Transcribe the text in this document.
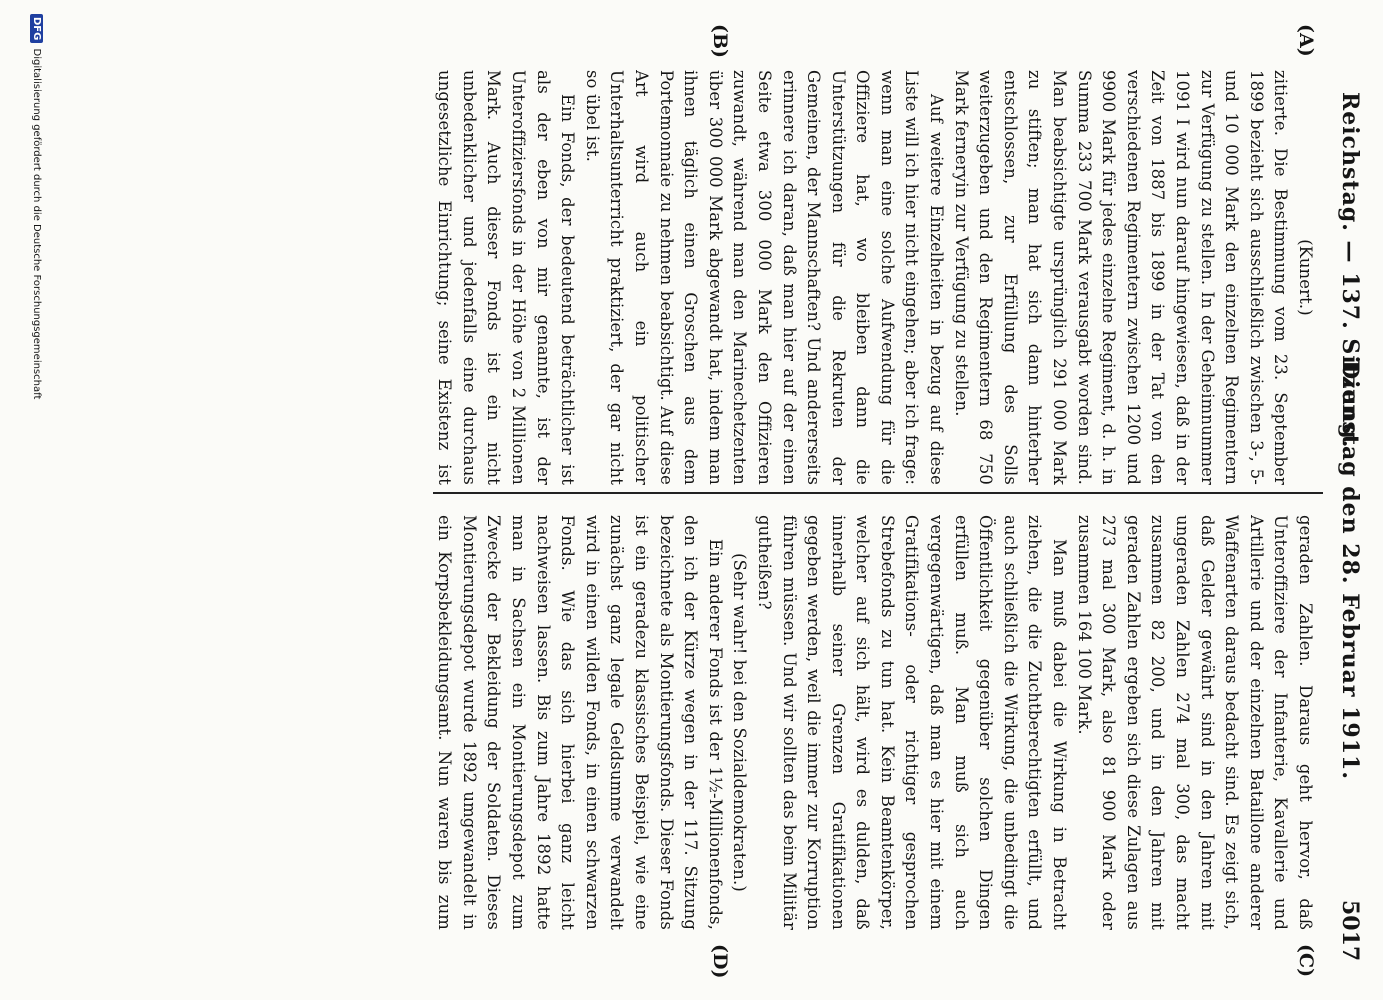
Reichstag. — 137. Sitzung.
Dienstag den 28. Februar 1911.
5017
(A)
(B)
(C)
(D)

(Kunert.)

zitierte. Die Bestimmung vom 23. September 1899 bezieht sich ausschließlich zwischen 3-, 5- und 10 000 Mark den einzelnen Regimentern zur Verfügung zu stellen. In der Geheimnummer 1091 I wird nun darauf hingewiesen, daß in der Zeit von 1887 bis 1899 in der Tat von den verschiedenen Regimentern zwischen 1200 und 9900 Mark für jedes einzelne Regiment, d. h. in Summa 233 700 Mark verausgabt worden sind. Man beabsichtigte ursprünglich 291 000 Mark zu stiften; man hat sich dann hinterher entschlossen, zur Erfüllung des Solls weiterzugeben und den Regimentern 68 750 Mark ferneryin zur Verfügung zu stellen.

Auf weitere Einzelheiten in bezug auf diese Liste will ich hier nicht eingehen; aber ich frage: wenn man eine solche Aufwendung für die Offiziere hat, wo bleiben dann die Unterstützungen für die Rekruten der Gemeinen, der Mannschaften? Und andererseits erinnere ich daran, daß man hier auf der einen Seite etwa 300 000 Mark den Offizieren zuwandt, während man den Marinechetzenten über 300 000 Mark abgewandt hat, indem man ihnen täglich einen Groschen aus dem Portemonnaie zu nehmen beabsichtigt. Auf diese Art wird auch ein politischer Unterhaltsunterricht praktiziert, der gar nicht so übel ist.

Ein Fonds, der bedeutend beträchtlicher ist als der eben von mir genannte, ist der Unteroffiziersfonds in der Höhe von 2 Millionen Mark. Auch dieser Fonds ist ein nicht unbedenklicher und jedenfalls eine durchaus ungesetzliche Einrichtung; seine Existenz ist

geraden Zahlen. Daraus geht hervor, daß Unteroffiziere der Infanterie, Kavallerie und Artillerie und der einzelnen Bataillone anderer Waffenarten daraus bedacht sind. Es zeigt sich, daß Gelder gewährt sind in den Jahren mit ungeraden Zahlen 274 mal 300, das macht zusammen 82 200, und in den Jahren mit geraden Zahlen ergeben sich diese Zulagen aus 273 mal 300 Mark, also 81 900 Mark oder zusammen 164 100 Mark.

Man muß dabei die Wirkung in Betracht ziehen, die die Zuchtberechtigten erfüllt, und auch schließlich die Wirkung, die unbedingt die Öffentlichkeit gegenüber solchen Dingen erfüllen muß. Man muß sich auch vergegenwärtigen, daß man es hier mit einem Gratifikations- oder richtiger gesprochen Strebefonds zu tun hat. Kein Beamtenkörper, welcher auf sich hält, wird es dulden, daß innerhalb seiner Grenzen Gratifikationen gegeben werden, weil die immer zur Korruption führen müssen. Und wir sollten das beim Militär gutheißen?

(Sehr wahr! bei den Sozialdemokraten.)

Ein anderer Fonds ist der 1½-Millionenfonds, den ich der Kürze wegen in der 117. Sitzung bezeichnete als Montierungsfonds. Dieser Fonds ist ein geradezu klassisches Beispiel, wie eine zunächst ganz legale Geldsumme verwandelt wird in einen wilden Fonds, in einen schwarzen Fonds. Wie das sich hierbei ganz leicht nachweisen lassen. Bis zum Jahre 1892 hatte man in Sachsen ein Montierungsdepot zum Zwecke der Bekleidung der Soldaten. Dieses Montierungsdepot wurde 1892 umgewandelt in ein Korpsbekleidungsamt. Nun waren bis zum

DFG Digitalisierung gefördert durch die Deutsche Forschungsgemeinschaft
